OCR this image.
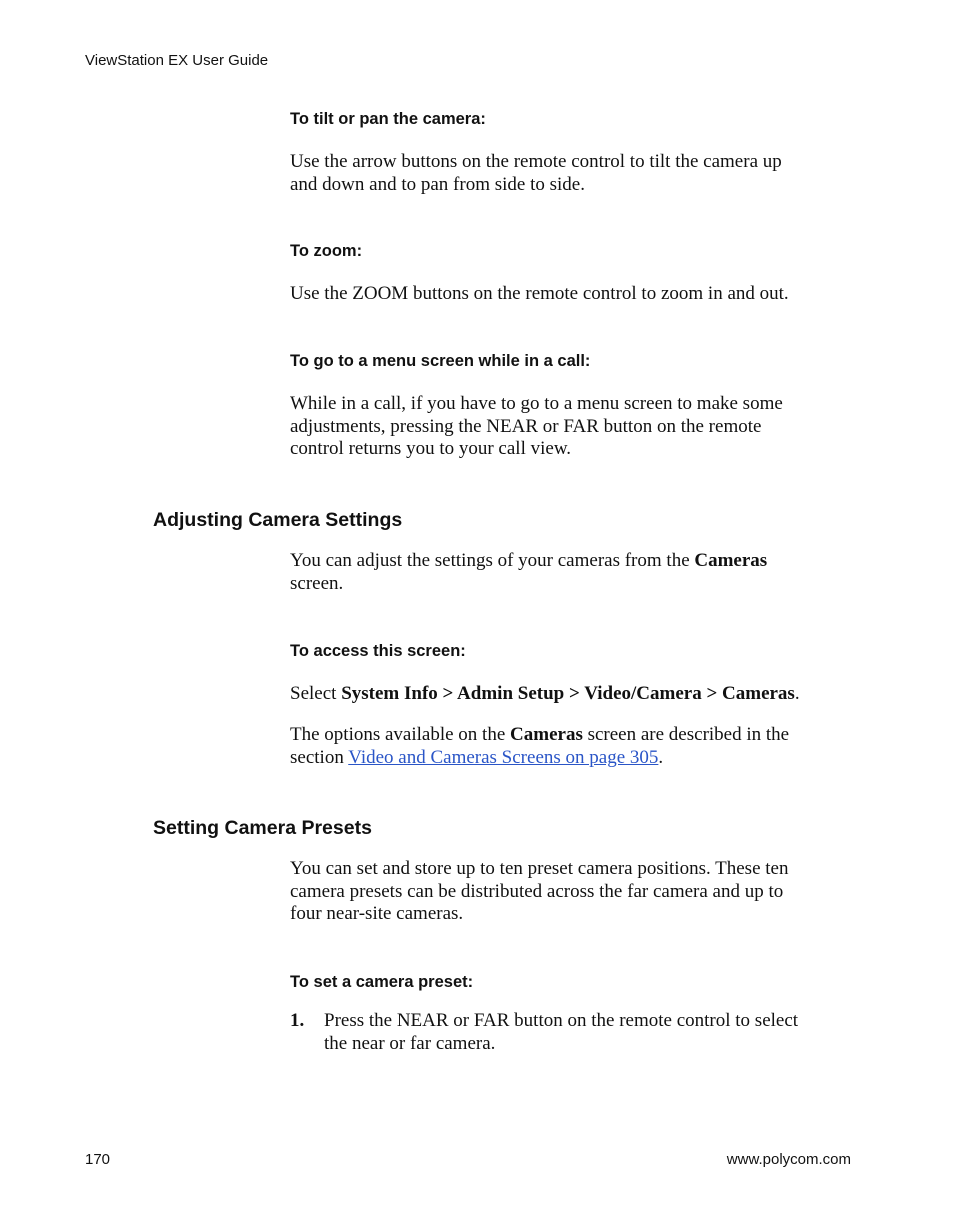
ViewStation EX User Guide
To tilt or pan the camera:
Use the arrow buttons on the remote control to tilt the camera up
and down and to pan from side to side.
To zoom:
Use the ZOOM buttons on the remote control to zoom in and out.
To go to a menu screen while in a call:
While in a call, if you have to go to a menu screen to make some
adjustments, pressing the NEAR or FAR button on the remote
control returns you to your call view.
Adjusting Camera Settings
You can adjust the settings of your cameras from the Cameras
screen.
To access this screen:
Select System Info > Admin Setup > Video/Camera > Cameras.
The options available on the Cameras screen are described in the
section Video and Cameras Screens on page 305.
Setting Camera Presets
You can set and store up to ten preset camera positions. These ten
camera presets can be distributed across the far camera and up to
four near-site cameras.
To set a camera preset:
1. Press the NEAR or FAR button on the remote control to select
the near or far camera.
170	www.polycom.com
